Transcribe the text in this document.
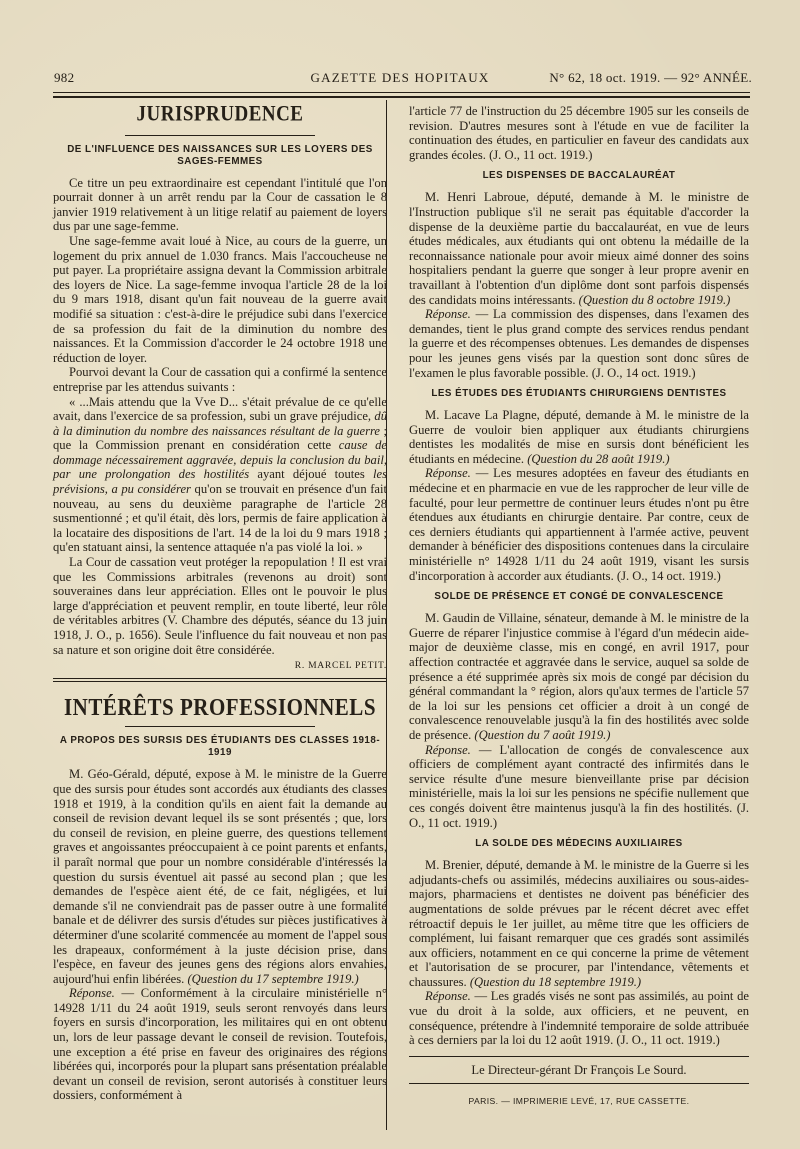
982	GAZETTE DES HOPITAUX	N° 62, 18 oct. 1919. — 92° ANNÉE.
JURISPRUDENCE
DE L'INFLUENCE DES NAISSANCES SUR LES LOYERS DES SAGES-FEMMES

Ce titre un peu extraordinaire est cependant l'intitulé que l'on pourrait donner à un arrêt rendu par la Cour de cassation le 8 janvier 1919 relativement à un litige relatif au paiement de loyers dus par une sage-femme.

Une sage-femme avait loué à Nice, au cours de la guerre, un logement du prix annuel de 1.030 francs. Mais l'accoucheuse ne put payer. La propriétaire assigna devant la Commission arbitrale des loyers de Nice. La sage-femme invoqua l'article 28 de la loi du 9 mars 1918, disant qu'un fait nouveau de la guerre avait modifié sa situation : c'est-à-dire le préjudice subi dans l'exercice de sa profession du fait de la diminution du nombre des naissances. Et la Commission d'accorder le 24 octobre 1918 une réduction de loyer.

Pourvoi devant la Cour de cassation qui a confirmé la sentence entreprise par les attendus suivants :

« ...Mais attendu que la Vve D... s'était prévalue de ce qu'elle avait, dans l'exercice de sa profession, subi un grave préjudice, dû à la diminution du nombre des naissances résultant de la guerre ; que la Commission prenant en considération cette cause de dommage nécessairement aggravée, depuis la conclusion du bail, par une prolongation des hostilités ayant déjoué toutes les prévisions, a pu considérer qu'on se trouvait en présence d'un fait nouveau, au sens du deuxième paragraphe de l'article 28 susmentionné ; et qu'il était, dès lors, permis de faire application à la locataire des dispositions de l'art. 14 de la loi du 9 mars 1918 ; qu'en statuant ainsi, la sentence attaquée n'a pas violé la loi. »

La Cour de cassation veut protéger la repopulation ! Il est vrai que les Commissions arbitrales (revenons au droit) sont souveraines dans leur appréciation. Elles ont le pouvoir le plus large d'appréciation et peuvent remplir, en toute liberté, leur rôle de véritables arbitres (V. Chambre des députés, séance du 13 juin 1918, J. O., p. 1656). Seule l'influence du fait nouveau et non pas sa nature et son origine doit être considérée.

R. MARCEL PETIT.
INTÉRÊTS PROFESSIONNELS
A PROPOS DES SURSIS DES ÉTUDIANTS DES CLASSES 1918-1919

M. Géo-Gérald, député, expose à M. le ministre de la Guerre que des sursis pour études sont accordés aux étudiants des classes 1918 et 1919, à la condition qu'ils en aient fait la demande au conseil de revision devant lequel ils se sont présentés ; que, lors du conseil de revision, en pleine guerre, des questions tellement graves et angoissantes préoccupaient à ce point parents et enfants, il paraît normal que pour un nombre considérable d'intéressés la question du sursis éventuel ait passé au second plan ; que les demandes de l'espèce aient été, de ce fait, négligées, et lui demande s'il ne conviendrait pas de passer outre à une formalité banale et de délivrer des sursis d'études sur pièces justificatives à déterminer d'une scolarité commencée au moment de l'appel sous les drapeaux, conformément à la juste décision prise, dans l'espèce, en faveur des jeunes gens des régions alors envahies, aujourd'hui enfin libérées. (Question du 17 septembre 1919.)

Réponse. — Conformément à la circulaire ministérielle n° 14928 1/11 du 24 août 1919, seuls seront renvoyés dans leurs foyers en sursis d'incorporation, les militaires qui en ont obtenu un, lors de leur passage devant le conseil de revision. Toutefois, une exception a été prise en faveur des originaires des régions libérées qui, incorporés pour la plupart sans présentation préalable devant un conseil de revision, seront autorisés à constituer leurs dossiers, conformément à

l'article 77 de l'instruction du 25 décembre 1905 sur les conseils de revision. D'autres mesures sont à l'étude en vue de faciliter la continuation des études, en particulier en faveur des candidats aux grandes écoles. (J. O., 11 oct. 1919.)

LES DISPENSES DE BACCALAURÉAT

M. Henri Labroue, député, demande à M. le ministre de l'Instruction publique s'il ne serait pas équitable d'accorder la dispense de la deuxième partie du baccalauréat, en vue de leurs études médicales, aux étudiants qui ont obtenu la médaille de la reconnaissance nationale pour avoir mieux aimé donner des soins hospitaliers pendant la guerre que songer à leur propre avenir en travaillant à l'obtention d'un diplôme dont sont parfois dispensés des candidats moins intéressants. (Question du 8 octobre 1919.)

Réponse. — La commission des dispenses, dans l'examen des demandes, tient le plus grand compte des services rendus pendant la guerre et des récompenses obtenues. Les demandes de dispenses pour les jeunes gens visés par la question sont donc sûres de l'examen le plus favorable possible. (J. O., 14 oct. 1919.)

LES ÉTUDES DES ÉTUDIANTS CHIRURGIENS DENTISTES

M. Lacave La Plagne, député, demande à M. le ministre de la Guerre de vouloir bien appliquer aux étudiants chirurgiens dentistes les modalités de mise en sursis dont bénéficient les étudiants en médecine. (Question du 28 août 1919.)

Réponse. — Les mesures adoptées en faveur des étudiants en médecine et en pharmacie en vue de les rapprocher de leur ville de faculté, pour leur permettre de continuer leurs études n'ont pu être étendues aux étudiants en chirurgie dentaire. Par contre, ceux de ces derniers étudiants qui appartiennent à l'armée active, peuvent demander à bénéficier des dispositions contenues dans la circulaire ministérielle n° 14928 1/11 du 24 août 1919, visant les sursis d'incorporation à accorder aux étudiants. (J. O., 14 oct. 1919.)

SOLDE DE PRÉSENCE ET CONGÉ DE CONVALESCENCE

M. Gaudin de Villaine, sénateur, demande à M. le ministre de la Guerre de réparer l'injustice commise à l'égard d'un médecin aide-major de deuxième classe, mis en congé, en avril 1917, pour affection contractée et aggravée dans le service, auquel sa solde de présence a été supprimée après six mois de congé par décision du général commandant la ° région, alors qu'aux termes de l'article 57 de la loi sur les pensions cet officier a droit à un congé de convalescence renouvelable jusqu'à la fin des hostilités avec solde de présence. (Question du 7 août 1919.)

Réponse. — L'allocation de congés de convalescence aux officiers de complément ayant contracté des infirmités dans le service résulte d'une mesure bienveillante prise par décision ministérielle, mais la loi sur les pensions ne spécifie nullement que ces congés doivent être maintenus jusqu'à la fin des hostilités. (J. O., 11 oct. 1919.)

LA SOLDE DES MÉDECINS AUXILIAIRES

M. Brenier, député, demande à M. le ministre de la Guerre si les adjudants-chefs ou assimilés, médecins auxiliaires ou sous-aides-majors, pharmaciens et dentistes ne doivent pas bénéficier des augmentations de solde prévues par le récent décret avec effet rétroactif depuis le 1er juillet, au même titre que les officiers de complément, lui faisant remarquer que ces gradés sont assimilés aux officiers, notamment en ce qui concerne la prime de vêtement et l'autorisation de se procurer, par l'intendance, vêtements et chaussures. (Question du 18 septembre 1919.)

Réponse. — Les gradés visés ne sont pas assimilés, au point de vue du droit à la solde, aux officiers, et ne peuvent, en conséquence, prétendre à l'indemnité temporaire de solde attribuée à ces derniers par la loi du 12 août 1919. (J. O., 11 oct. 1919.)

Le Directeur-gérant Dr François Le Sourd.

PARIS. — IMPRIMERIE LEVÉ, 17, RUE CASSETTE.
